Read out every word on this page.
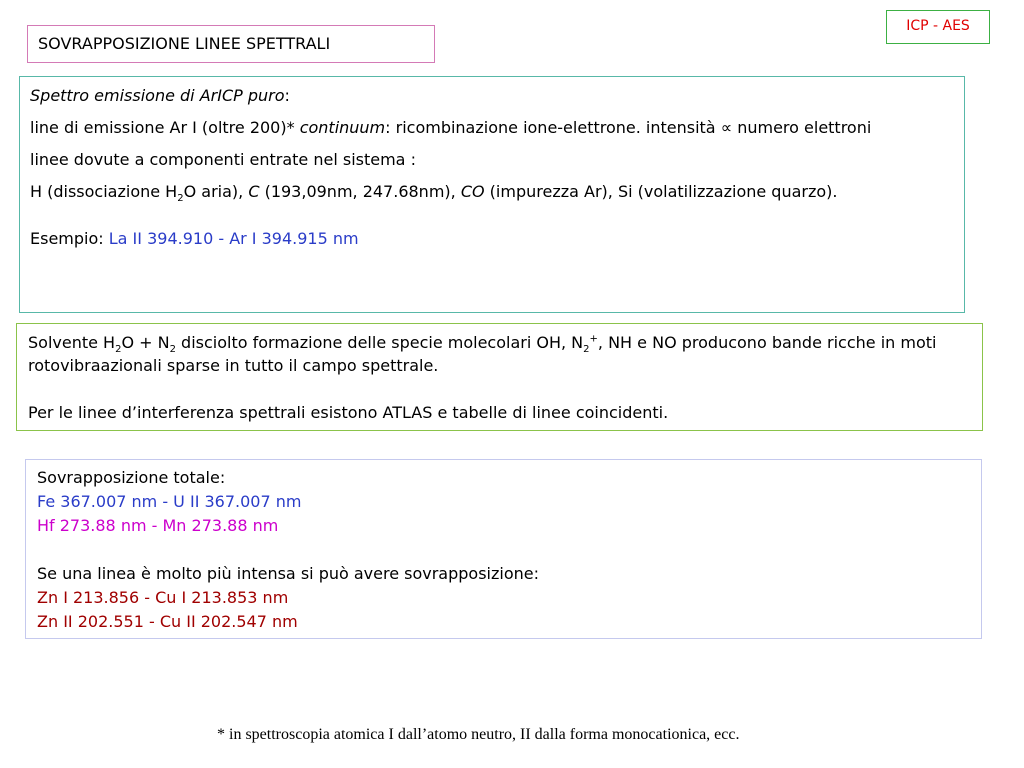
ICP - AES
SOVRAPPOSIZIONE LINEE SPETTRALI

Spettro emissione di ArICP puro:

line di emissione Ar I (oltre 200)* continuum: ricombinazione ione-elettrone. intensità ∝ numero elettroni

linee dovute a componenti entrate nel sistema :

H (dissociazione $H_2O$ aria), C (193,09nm, 247.68nm), CO (impurezza Ar), Si (volatilizzazione quarzo).

Esempio: La II 394.910 - Ar I 394.915 nm

Solvente $H_2O + N_2$ disciolto formazione delle specie molecolari OH, $N_2^+$, NH e NO producono bande ricche in moti rotovibraazionali sparse in tutto il campo spettrale.

Per le linee d’interferenza spettrali esistono ATLAS e tabelle di linee coincidenti.

Sovrapposizione totale:

Fe 367.007 nm - U II 367.007 nm

Hf 273.88 nm - Mn 273.88 nm

Se una linea è molto più intensa si può avere sovrapposizione:

Zn I 213.856 - Cu I 213.853 nm

Zn II 202.551 - Cu II 202.547 nm

* in spettroscopia atomica I dall’atomo neutro, II dalla forma monocationica, ecc.
